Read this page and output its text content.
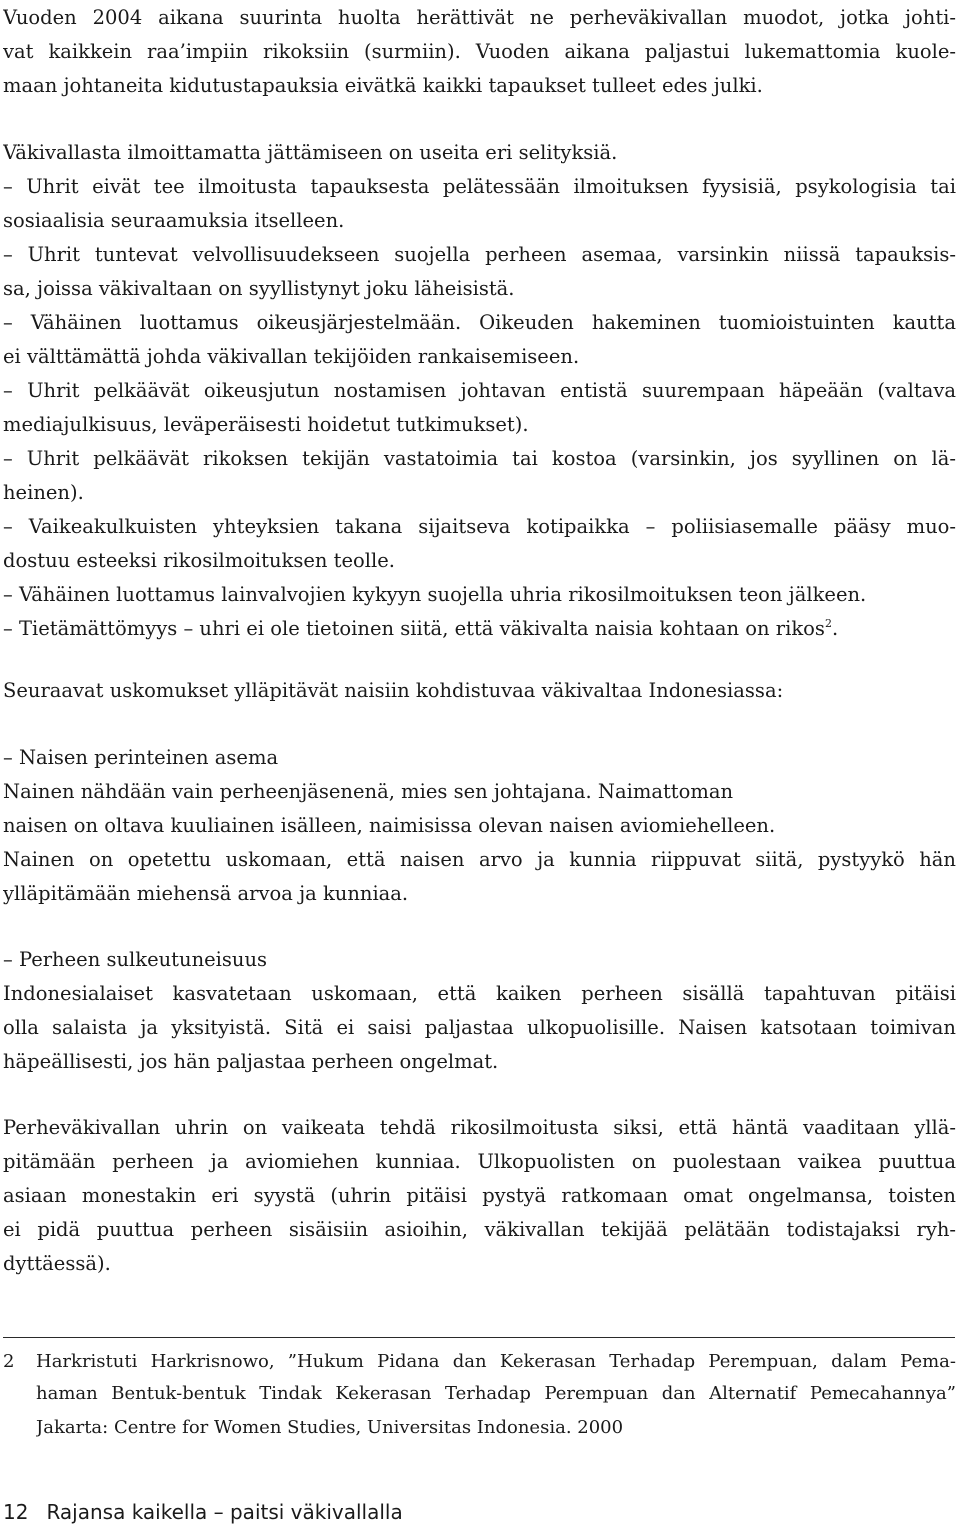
Vuoden 2004 aikana suurinta huolta herättivät ne perheväkivallan muodot, jotka johti-
vat kaikkein raa’impiin rikoksiin (surmiin). Vuoden aikana paljastui lukemattomia kuole-
maan johtaneita kidutustapauksia eivätkä kaikki tapaukset tulleet edes julki.
Väkivallasta ilmoittamatta jättämiseen on useita eri selityksiä.
– Uhrit eivät tee ilmoitusta tapauksesta pelätessään ilmoituksen fyysisiä, psykologisia tai
sosiaalisia seuraamuksia itselleen.
– Uhrit tuntevat velvollisuudekseen suojella perheen asemaa, varsinkin niissä tapauksis-
sa, joissa väkivaltaan on syyllistynyt joku läheisistä.
– Vähäinen luottamus oikeusjärjestelmään. Oikeuden hakeminen tuomioistuinten kautta
ei välttämättä johda väkivallan tekijöiden rankaisemiseen.
– Uhrit pelkäävät oikeusjutun nostamisen johtavan entistä suurempaan häpeään (valtava
mediajulkisuus, leväperäisesti hoidetut tutkimukset).
– Uhrit pelkäävät rikoksen tekijän vastatoimia tai kostoa (varsinkin, jos syyllinen on lä-
heinen).
– Vaikeakulkuisten yhteyksien takana sijaitseva kotipaikka – poliisiasemalle pääsy muo-
dostuu esteeksi rikosilmoituksen teolle.
– Vähäinen luottamus lainvalvojien kykyyn suojella uhria rikosilmoituksen teon jälkeen.
– Tietämättömyys – uhri ei ole tietoinen siitä, että väkivalta naisia kohtaan on rikos$^2$.
Seuraavat uskomukset ylläpitävät naisiin kohdistuvaa väkivaltaa Indonesiassa:
– Naisen perinteinen asema
Nainen nähdään vain perheenjäsenenä, mies sen johtajana. Naimattoman
naisen on oltava kuuliainen isälleen, naimisissa olevan naisen aviomiehelleen.
Nainen on opetettu uskomaan, että naisen arvo ja kunnia riippuvat siitä, pystyykö hän
ylläpitämään miehensä arvoa ja kunniaa.
– Perheen sulkeutuneisuus
Indonesialaiset kasvatetaan uskomaan, että kaiken perheen sisällä tapahtuvan pitäisi
olla salaista ja yksityistä. Sitä ei saisi paljastaa ulkopuolisille. Naisen katsotaan toimivan
häpeällisesti, jos hän paljastaa perheen ongelmat.
Perheväkivallan uhrin on vaikeata tehdä rikosilmoitusta siksi, että häntä vaaditaan yllä-
pitämään perheen ja aviomiehen kunniaa. Ulkopuolisten on puolestaan vaikea puuttua
asiaan monestakin eri syystä (uhrin pitäisi pystyä ratkomaan omat ongelmansa, toisten
ei pidä puuttua perheen sisäisiin asioihin, väkivallan tekijää pelätään todistajaksi ryh-
dyttäessä).
2 Harkristuti Harkrisnowo, ”Hukum Pidana dan Kekerasan Terhadap Perempuan, dalam Pema-
haman Bentuk-bentuk Tindak Kekerasan Terhadap Perempuan dan Alternatif Pemecahannya”
Jakarta: Centre for Women Studies, Universitas Indonesia. 2000
12 Rajansa kaikella – paitsi väkivallalla
